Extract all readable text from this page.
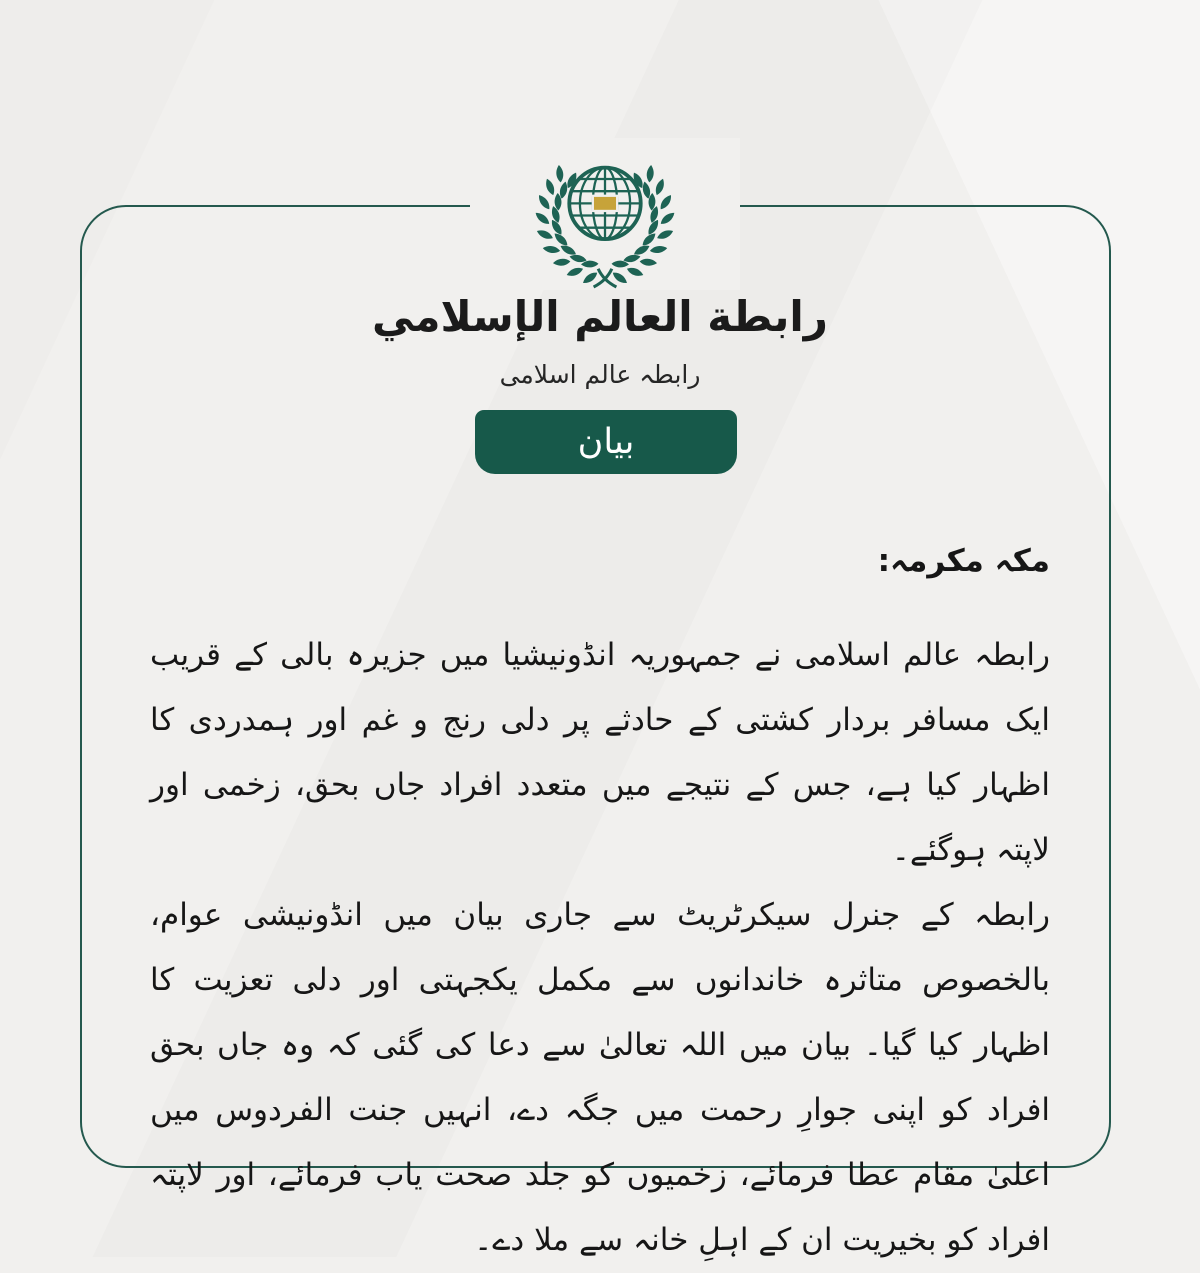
رابطة العالم الإسلامي
رابطہ عالم اسلامی
بيان
مکہ مکرمہ:

رابطہ عالم اسلامی نے جمہوریہ انڈونیشیا میں جزیرہ بالی کے قریب ایک مسافر بردار کشتی کے حادثے پر دلی رنج و غم اور ہمدردی کا اظہار کیا ہے، جس کے نتیجے میں متعدد افراد جاں بحق، زخمی اور لاپتہ ہوگئے۔

رابطہ کے جنرل سیکرٹریٹ سے جاری بیان میں انڈونیشی عوام، بالخصوص متاثرہ خاندانوں سے مکمل یکجہتی اور دلی تعزیت کا اظہار کیا گیا۔ بیان میں اللہ تعالیٰ سے دعا کی گئی کہ وہ جاں بحق افراد کو اپنی جوارِ رحمت میں جگہ دے، انہیں جنت الفردوس میں اعلیٰ مقام عطا فرمائے، زخمیوں کو جلد صحت یاب فرمائے، اور لاپتہ افراد کو بخیریت ان کے اہلِ خانہ سے ملا دے۔
